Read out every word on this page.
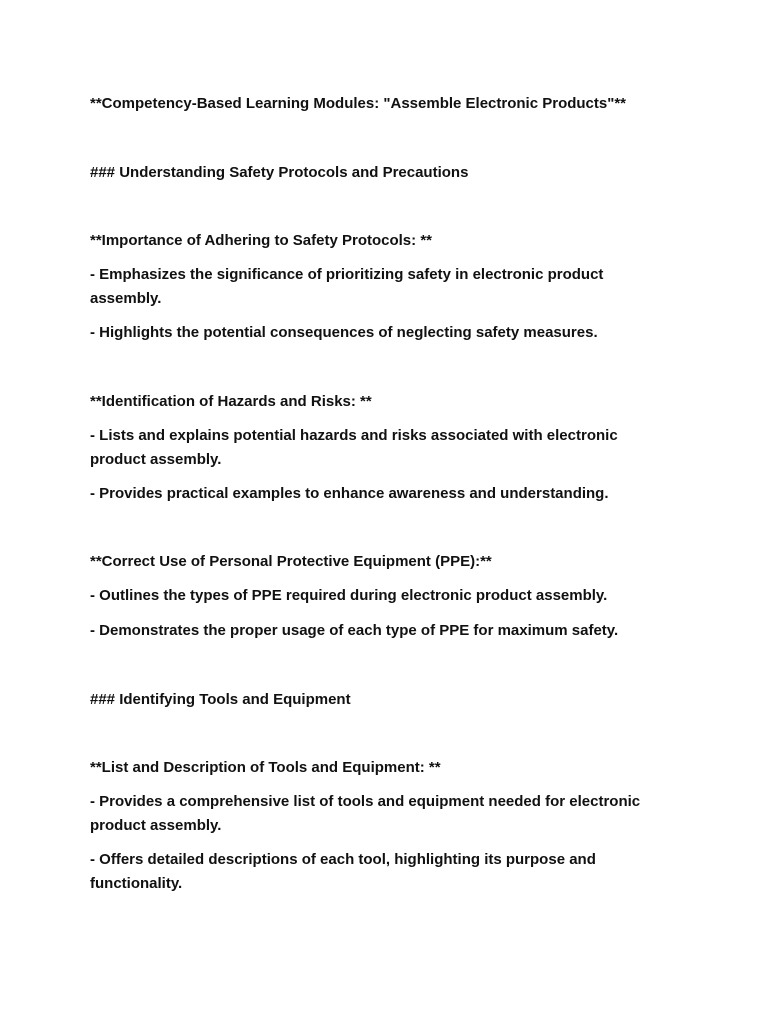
**Competency-Based Learning Modules: "Assemble Electronic Products"**
### Understanding Safety Protocols and Precautions
**Importance of Adhering to Safety Protocols: **
- Emphasizes the significance of prioritizing safety in electronic product assembly.
- Highlights the potential consequences of neglecting safety measures.
**Identification of Hazards and Risks: **
- Lists and explains potential hazards and risks associated with electronic product assembly.
- Provides practical examples to enhance awareness and understanding.
**Correct Use of Personal Protective Equipment (PPE):**
- Outlines the types of PPE required during electronic product assembly.
- Demonstrates the proper usage of each type of PPE for maximum safety.
### Identifying Tools and Equipment
**List and Description of Tools and Equipment: **
- Provides a comprehensive list of tools and equipment needed for electronic product assembly.
- Offers detailed descriptions of each tool, highlighting its purpose and functionality.
